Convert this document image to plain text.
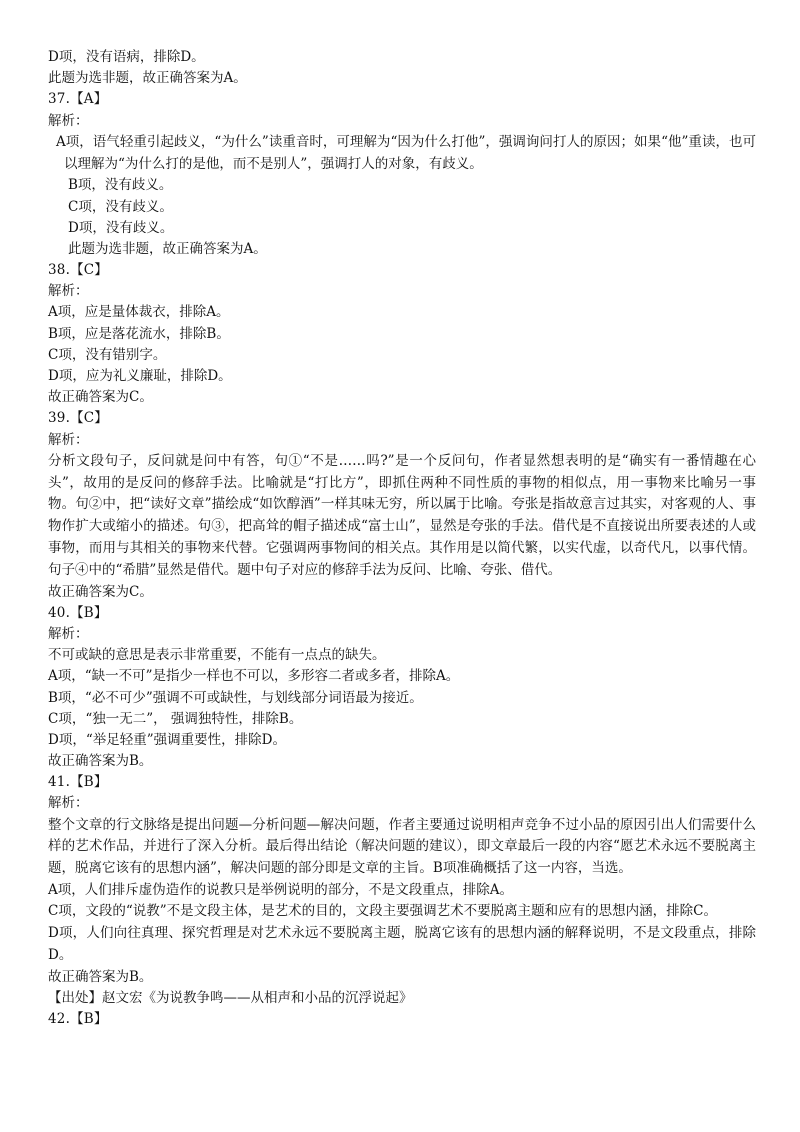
D项，没有语病，排除D。
此题为选非题，故正确答案为A。
37.【A】
解析：
A项，语气轻重引起歧义，“为什么”读重音时，可理解为“因为什么打他”，强调询问打人的原因；如果“他”重读，也可以理解为“为什么打的是他，而不是别人”，强调打人的对象，有歧义。
B项，没有歧义。
C项，没有歧义。
D项，没有歧义。
此题为选非题，故正确答案为A。
38.【C】
解析：
A项，应是量体裁衣，排除A。
B项，应是落花流水，排除B。
C项，没有错别字。
D项，应为礼义廉耻，排除D。
故正确答案为C。
39.【C】
解析：
分析文段句子，反问就是问中有答，句①“不是……吗?”是一个反问句，作者显然想表明的是“确实有一番情趣在心头”，故用的是反问的修辞手法。比喻就是“打比方”，即抓住两种不同性质的事物的相似点，用一事物来比喻另一事物。句②中，把“读好文章”描绘成“如饮醇酒”一样其味无穷，所以属于比喻。夸张是指故意言过其实，对客观的人、事物作扩大或缩小的描述。句③，把高耸的帽子描述成“富士山”，显然是夸张的手法。借代是不直接说出所要表述的人或事物，而用与其相关的事物来代替。它强调两事物间的相关点。其作用是以简代繁，以实代虚，以奇代凡，以事代情。句子④中的“希腊”显然是借代。题中句子对应的修辞手法为反问、比喻、夸张、借代。
故正确答案为C。
40.【B】
解析：
不可或缺的意思是表示非常重要，不能有一点点的缺失。
A项，“缺一不可”是指少一样也不可以，多形容二者或多者，排除A。
B项，“必不可少”强调不可或缺性，与划线部分词语最为接近。
C项，“独一无二”， 强调独特性，排除B。
D项，“举足轻重”强调重要性，排除D。
故正确答案为B。
41.【B】
解析：
整个文章的行文脉络是提出问题—分析问题—解决问题，作者主要通过说明相声竞争不过小品的原因引出人们需要什么样的艺术作品，并进行了深入分析。最后得出结论（解决问题的建议），即文章最后一段的内容“愿艺术永远不要脱离主题，脱离它该有的思想内涵”，解决问题的部分即是文章的主旨。B项准确概括了这一内容，当选。
A项，人们排斥虚伪造作的说教只是举例说明的部分，不是文段重点，排除A。
C项，文段的“说教”不是文段主体，是艺术的目的，文段主要强调艺术不要脱离主题和应有的思想内涵，排除C。
D项，人们向往真理、探究哲理是对艺术永远不要脱离主题，脱离它该有的思想内涵的解释说明，不是文段重点，排除D。
故正确答案为B。
【出处】赵文宏《为说教争鸣——从相声和小品的沉浮说起》
42.【B】
